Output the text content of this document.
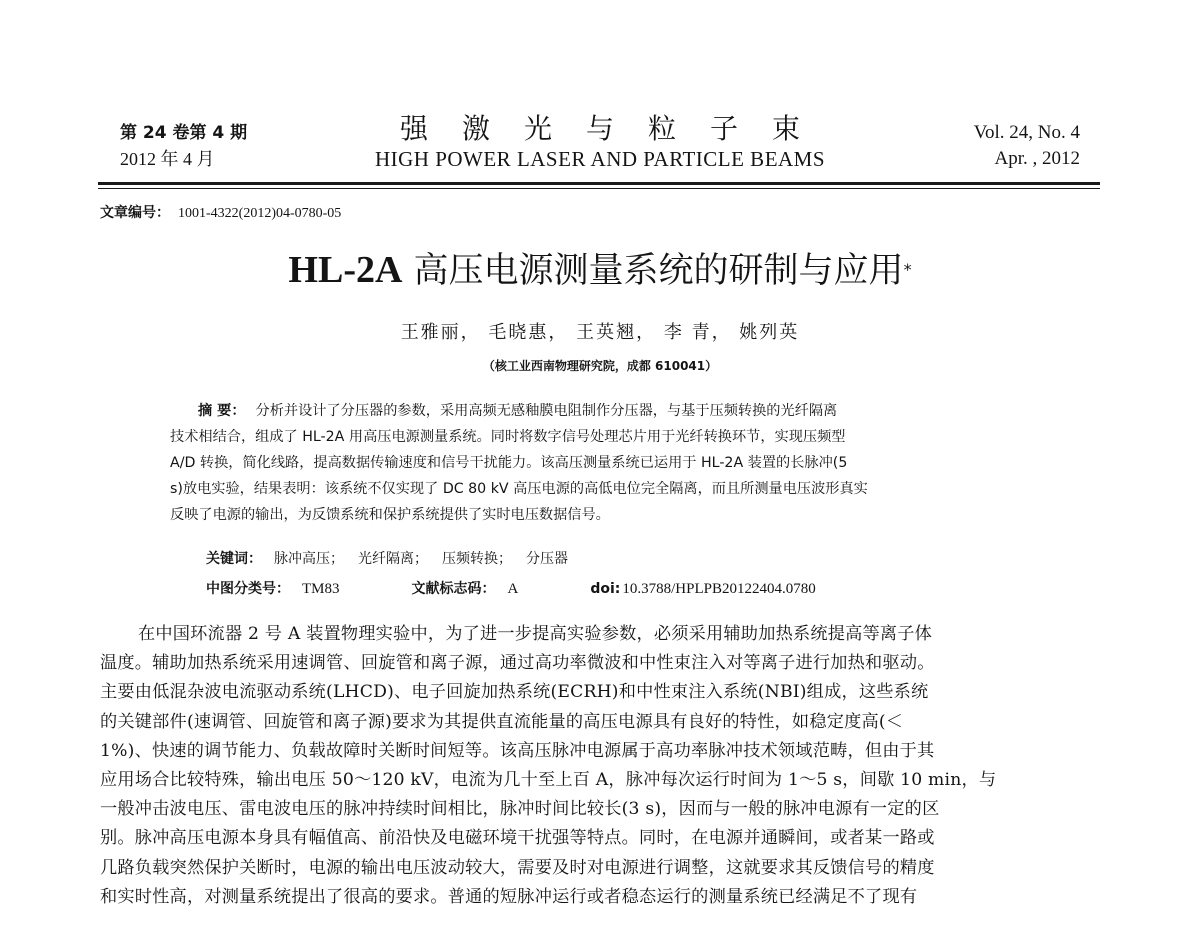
第 24 卷第 4 期
2012 年 4 月
强激光与粒子束
HIGH POWER LASER AND PARTICLE BEAMS
Vol. 24, No. 4
Apr. , 2012
文章编号： 1001-4322(2012)04-0780-05
HL-2A 高压电源测量系统的研制与应用*
王雅丽， 毛晓惠， 王英翘， 李 青， 姚列英
（核工业西南物理研究院，成都 610041）
摘 要： 分析并设计了分压器的参数，采用高频无感釉膜电阻制作分压器，与基于压频转换的光纤隔离
技术相结合，组成了 HL-2A 用高压电源测量系统。同时将数字信号处理芯片用于光纤转换环节，实现压频型
A/D 转换，简化线路，提高数据传输速度和信号干扰能力。该高压测量系统已运用于 HL-2A 装置的长脉冲(5
s)放电实验，结果表明：该系统不仅实现了 DC 80 kV 高压电源的高低电位完全隔离，而且所测量电压波形真实
反映了电源的输出，为反馈系统和保护系统提供了实时电压数据信号。
关键词： 脉冲高压； 光纤隔离； 压频转换； 分压器
中图分类号： TM83	文献标志码： A	doi: 10.3788/HPLPB20122404.0780
在中国环流器 2 号 A 装置物理实验中，为了进一步提高实验参数，必须采用辅助加热系统提高等离子体
温度。辅助加热系统采用速调管、回旋管和离子源，通过高功率微波和中性束注入对等离子进行加热和驱动。
主要由低混杂波电流驱动系统(LHCD)、电子回旋加热系统(ECRH)和中性束注入系统(NBI)组成，这些系统
的关键部件(速调管、回旋管和离子源)要求为其提供直流能量的高压电源具有良好的特性，如稳定度高(＜
1%)、快速的调节能力、负载故障时关断时间短等。该高压脉冲电源属于高功率脉冲技术领域范畴，但由于其
应用场合比较特殊，输出电压 50～120 kV，电流为几十至上百 A，脉冲每次运行时间为 1～5 s，间歇 10 min，与
一般冲击波电压、雷电波电压的脉冲持续时间相比，脉冲时间比较长(3 s)，因而与一般的脉冲电源有一定的区
别。脉冲高压电源本身具有幅值高、前沿快及电磁环境干扰强等特点。同时，在电源并通瞬间，或者某一路或
几路负载突然保护关断时，电源的输出电压波动较大，需要及时对电源进行调整，这就要求其反馈信号的精度
和实时性高，对测量系统提出了很高的要求。普通的短脉冲运行或者稳态运行的测量系统已经满足不了现有
